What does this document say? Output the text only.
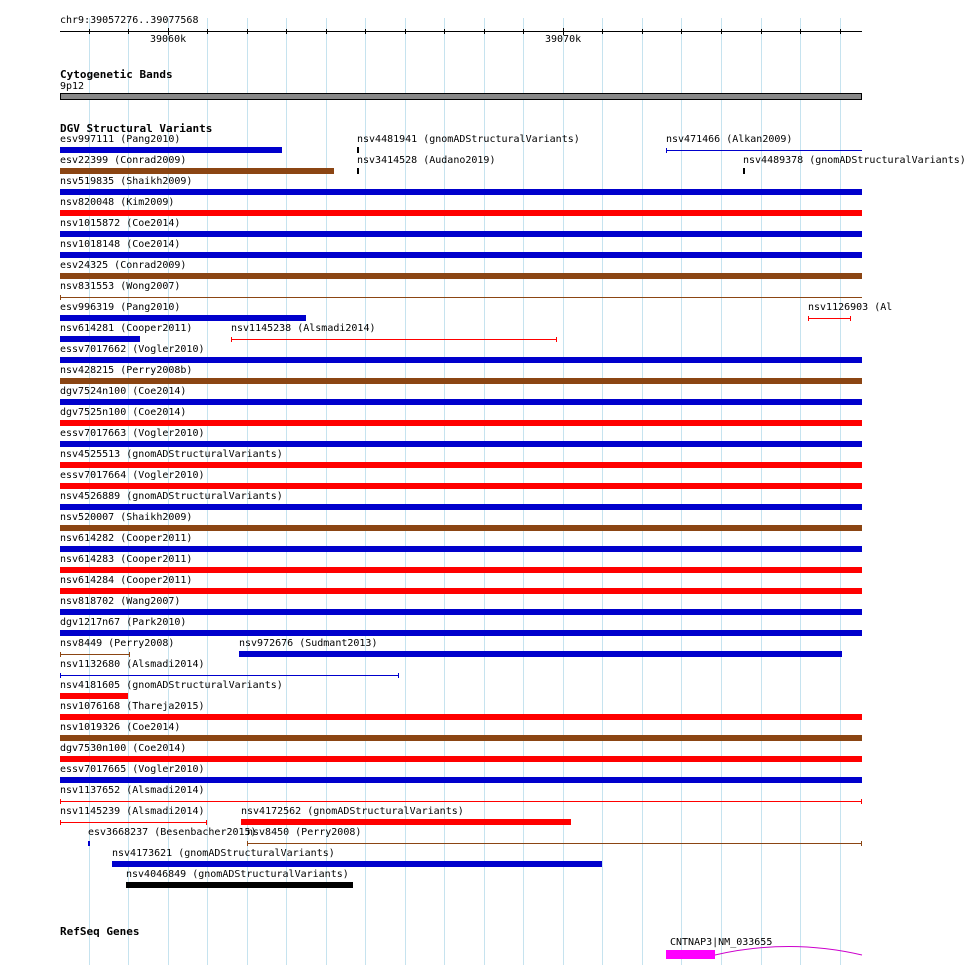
chr9:39057276..39077568
39060k	39070k
Cytogenetic Bands
9p12
DGV Structural Variants
esv997111 (Pang2010)	nsv4481941 (gnomADStructuralVariants)	nsv471466 (Alkan2009)
esv22399 (Conrad2009)	nsv3414528 (Audano2019)	nsv4489378 (gnomADStructuralVariants)
nsv519835 (Shaikh2009)
nsv820048 (Kim2009)
nsv1015872 (Coe2014)
nsv1018148 (Coe2014)
esv24325 (Conrad2009)
nsv831553 (Wong2007)
esv996319 (Pang2010)	nsv1126903 (Al
nsv614281 (Cooper2011)	nsv1145238 (Alsmadi2014)
essv7017662 (Vogler2010)
nsv428215 (Perry2008b)
dgv7524n100 (Coe2014)
dgv7525n100 (Coe2014)
essv7017663 (Vogler2010)
nsv4525513 (gnomADStructuralVariants)
essv7017664 (Vogler2010)
nsv4526889 (gnomADStructuralVariants)
nsv520007 (Shaikh2009)
nsv614282 (Cooper2011)
nsv614283 (Cooper2011)
nsv614284 (Cooper2011)
nsv818702 (Wang2007)
dgv1217n67 (Park2010)
nsv8449 (Perry2008)	nsv972676 (Sudmant2013)
nsv1132680 (Alsmadi2014)
nsv4181605 (gnomADStructuralVariants)
nsv1076168 (Thareja2015)
nsv1019326 (Coe2014)
dgv7530n100 (Coe2014)
essv7017665 (Vogler2010)
nsv1137652 (Alsmadi2014)
nsv1145239 (Alsmadi2014)	nsv4172562 (gnomADStructuralVariants)
esv3668237 (Besenbacher2015)
nsv8450 (Perry2008)
nsv4173621 (gnomADStructuralVariants)
nsv4046849 (gnomADStructuralVariants)
RefSeq Genes
CNTNAP3|NM_033655
